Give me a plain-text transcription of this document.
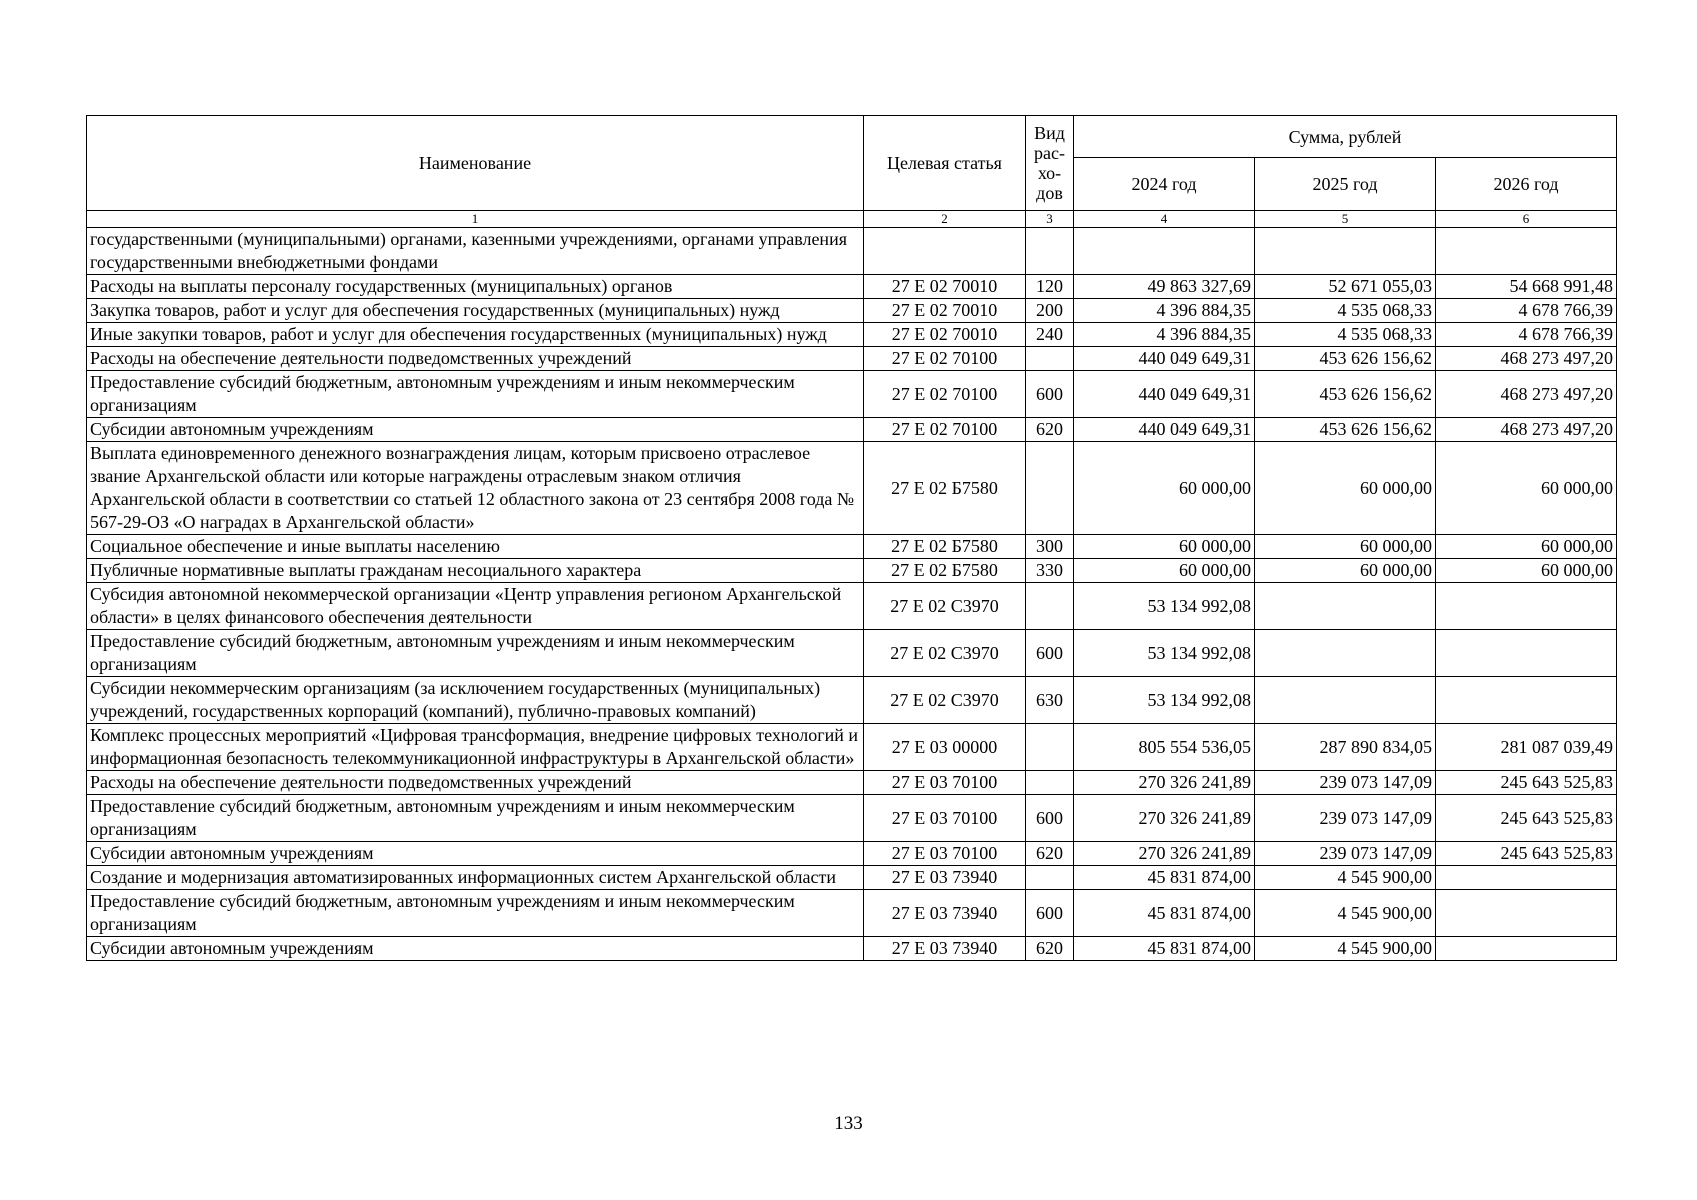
Наименование	Целевая статья	Вид рас-хо-дов	Сумма, рублей		
			2024 год	2025 год	2026 год
1	2	3	4	5	6
государственными (муниципальными) органами, казенными учреждениями, органами управления государственными внебюджетными фондами					
Расходы на выплаты персоналу государственных (муниципальных) органов	27 Е 02 70010	120	49 863 327,69	52 671 055,03	54 668 991,48
Закупка товаров, работ и услуг для обеспечения государственных (муниципальных) нужд	27 Е 02 70010	200	4 396 884,35	4 535 068,33	4 678 766,39
Иные закупки товаров, работ и услуг для обеспечения государственных (муниципальных) нужд	27 Е 02 70010	240	4 396 884,35	4 535 068,33	4 678 766,39
Расходы на обеспечение деятельности подведомственных учреждений	27 Е 02 70100		440 049 649,31	453 626 156,62	468 273 497,20
Предоставление субсидий бюджетным, автономным учреждениям и иным некоммерческим организациям	27 Е 02 70100	600	440 049 649,31	453 626 156,62	468 273 497,20
Субсидии автономным учреждениям	27 Е 02 70100	620	440 049 649,31	453 626 156,62	468 273 497,20
Выплата единовременного денежного вознаграждения лицам, которым присвоено отраслевое звание Архангельской области или которые награждены отраслевым знаком отличия Архангельской области в соответствии со статьей 12 областного закона от 23 сентября 2008 года № 567-29-ОЗ «О наградах в Архангельской области»	27 Е 02 Б7580		60 000,00	60 000,00	60 000,00
Социальное обеспечение и иные выплаты населению	27 Е 02 Б7580	300	60 000,00	60 000,00	60 000,00
Публичные нормативные выплаты гражданам несоциального характера	27 Е 02 Б7580	330	60 000,00	60 000,00	60 000,00
Субсидия автономной некоммерческой организации «Центр управления регионом Архангельской области» в целях финансового обеспечения деятельности	27 Е 02 С3970		53 134 992,08		
Предоставление субсидий бюджетным, автономным учреждениям и иным некоммерческим организациям	27 Е 02 С3970	600	53 134 992,08		
Субсидии некоммерческим организациям (за исключением государственных (муниципальных) учреждений, государственных корпораций (компаний), публично-правовых компаний)	27 Е 02 С3970	630	53 134 992,08		
Комплекс процессных мероприятий «Цифровая трансформация, внедрение цифровых технологий и информационная безопасность телекоммуникационной инфраструктуры в Архангельской области»	27 Е 03 00000		805 554 536,05	287 890 834,05	281 087 039,49
Расходы на обеспечение деятельности подведомственных учреждений	27 Е 03 70100		270 326 241,89	239 073 147,09	245 643 525,83
Предоставление субсидий бюджетным, автономным учреждениям и иным некоммерческим организациям	27 Е 03 70100	600	270 326 241,89	239 073 147,09	245 643 525,83
Субсидии автономным учреждениям	27 Е 03 70100	620	270 326 241,89	239 073 147,09	245 643 525,83
Создание и модернизация автоматизированных информационных систем Архангельской области	27 Е 03 73940		45 831 874,00	4 545 900,00	
Предоставление субсидий бюджетным, автономным учреждениям и иным некоммерческим организациям	27 Е 03 73940	600	45 831 874,00	4 545 900,00	
Субсидии автономным учреждениям	27 Е 03 73940	620	45 831 874,00	4 545 900,00	
133
